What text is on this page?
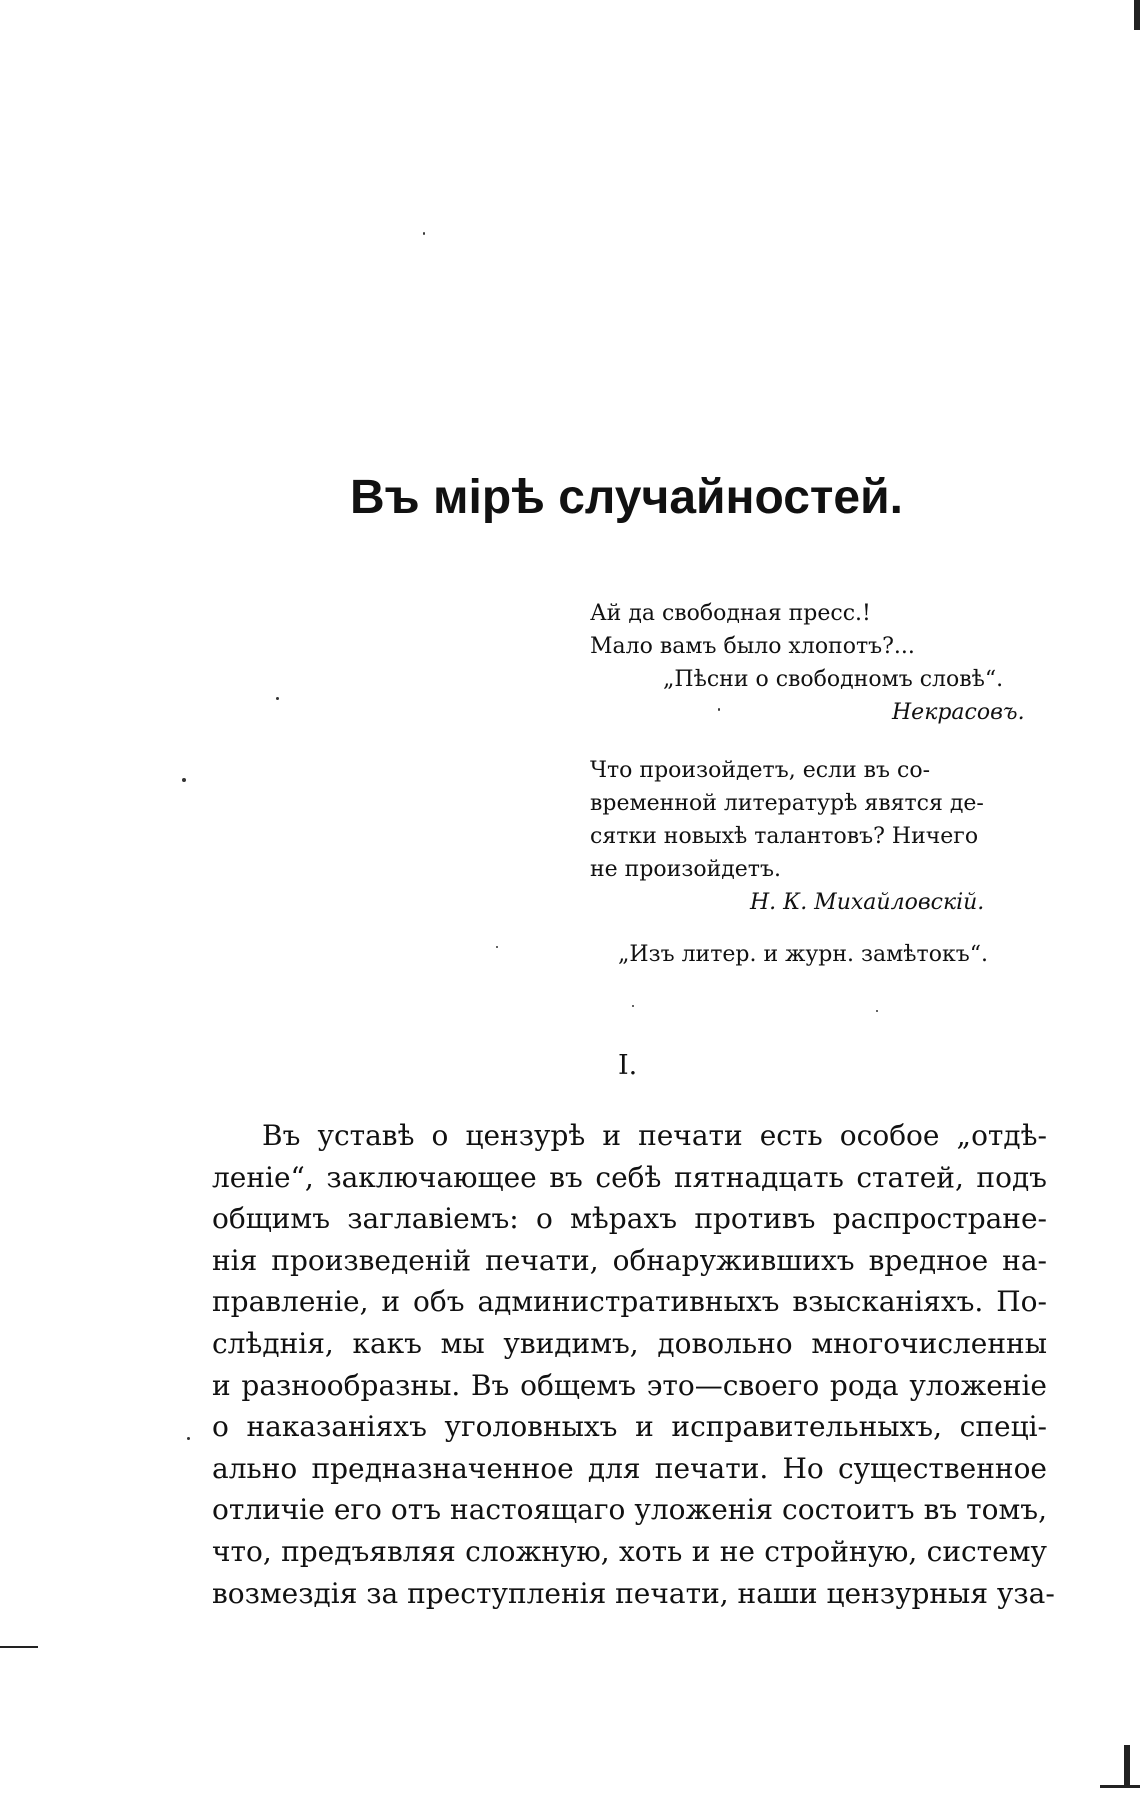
Въ мірѣ случайностей.
Ай да свободная пресс.!
Мало вамъ было хлопотъ?...
„Пѣсни о свободномъ словѣ“.
Некрасовъ.
Что произойдетъ, если въ со-
временной литературѣ явятся де-
сятки новыхѣ талантовъ? Ничего
не произойдетъ.
Н. К. Михайловскій.
„Изъ литер. и журн. замѣтокъ“.
I.
Въ уставѣ о цензурѣ и печати есть особое „отдѣ-
леніе“, заключающее въ себѣ пятнадцать статей, подъ
общимъ заглавіемъ: о мѣрахъ противъ распростране-
нія произведеній печати, обнаружившихъ вредное на-
правленіе, и объ административныхъ взысканіяхъ. По-
слѣднія, какъ мы увидимъ, довольно многочисленны
и разнообразны. Въ общемъ это—своего рода уложеніе
о наказаніяхъ уголовныхъ и исправительныхъ, спеці-
ально предназначенное для печати. Но существенное
отличіе его отъ настоящаго уложенія состоитъ въ томъ,
что, предъявляя сложную, хоть и не стройную, систему
возмездія за преступленія печати, наши цензурныя уза-
